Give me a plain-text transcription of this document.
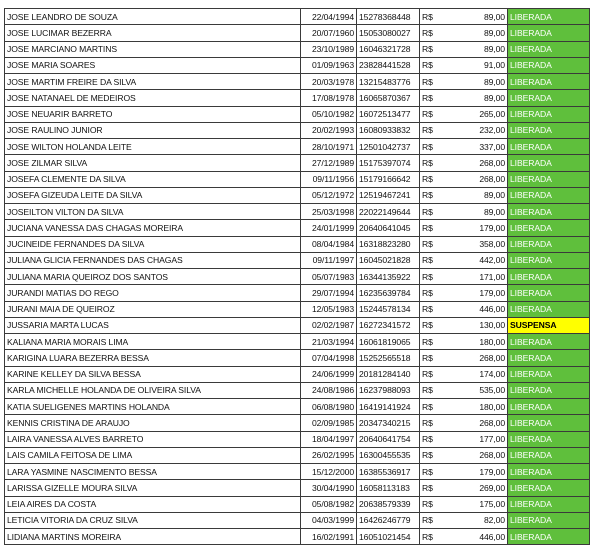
JOSE LEANDRO DE SOUZA	22/04/1994	15278368448	R$	89,00	LIBERADA
JOSE LUCIMAR BEZERRA	20/07/1960	15053080027	R$	89,00	LIBERADA
JOSE MARCIANO MARTINS	23/10/1989	16046321728	R$	89,00	LIBERADA
JOSE MARIA SOARES	01/09/1963	23828441528	R$	91,00	LIBERADA
JOSE MARTIM FREIRE DA SILVA	20/03/1978	13215483776	R$	89,00	LIBERADA
JOSE NATANAEL DE MEDEIROS	17/08/1978	16065870367	R$	89,00	LIBERADA
JOSE NEUARIR BARRETO	05/10/1982	16072513477	R$	265,00	LIBERADA
JOSE RAULINO JUNIOR	20/02/1993	16080933832	R$	232,00	LIBERADA
JOSE WILTON HOLANDA LEITE	28/10/1971	12501042737	R$	337,00	LIBERADA
JOSE ZILMAR SILVA	27/12/1989	15175397074	R$	268,00	LIBERADA
JOSEFA CLEMENTE DA SILVA	09/11/1956	15179166642	R$	268,00	LIBERADA
JOSEFA GIZEUDA LEITE DA SILVA	05/12/1972	12519467241	R$	89,00	LIBERADA
JOSEILTON VILTON DA SILVA	25/03/1998	22022149644	R$	89,00	LIBERADA
JUCIANA VANESSA DAS CHAGAS MOREIRA	24/01/1999	20640641045	R$	179,00	LIBERADA
JUCINEIDE FERNANDES DA SILVA	08/04/1984	16318823280	R$	358,00	LIBERADA
JULIANA GLICIA FERNANDES DAS CHAGAS	09/11/1997	16045021828	R$	442,00	LIBERADA
JULIANA MARIA QUEIROZ DOS SANTOS	05/07/1983	16344135922	R$	171,00	LIBERADA
JURANDI MATIAS DO REGO	29/07/1994	16235639784	R$	179,00	LIBERADA
JURANI MAIA DE QUEIROZ	12/05/1983	15244578134	R$	446,00	LIBERADA
JUSSARIA MARTA LUCAS	02/02/1987	16272341572	R$	130,00	SUSPENSA
KALIANA MARIA MORAIS LIMA	21/03/1994	16061819065	R$	180,00	LIBERADA
KARIGINA LUARA BEZERRA BESSA	07/04/1998	15252565518	R$	268,00	LIBERADA
KARINE KELLEY DA SILVA BESSA	24/06/1999	20181284140	R$	174,00	LIBERADA
KARLA MICHELLE HOLANDA DE OLIVEIRA SILVA	24/08/1986	16237988093	R$	535,00	LIBERADA
KATIA SUELIGENES MARTINS HOLANDA	06/08/1980	16419141924	R$	180,00	LIBERADA
KENNIS CRISTINA DE ARAUJO	02/09/1985	20347340215	R$	268,00	LIBERADA
LAIRA VANESSA ALVES BARRETO	18/04/1997	20640641754	R$	177,00	LIBERADA
LAIS CAMILA FEITOSA DE LIMA	26/02/1995	16300455535	R$	268,00	LIBERADA
LARA YASMINE NASCIMENTO BESSA	15/12/2000	16385536917	R$	179,00	LIBERADA
LARISSA GIZELLE MOURA SILVA	30/04/1990	16058113183	R$	269,00	LIBERADA
LEIA AIRES DA COSTA	05/08/1982	20638579339	R$	175,00	LIBERADA
LETICIA VITORIA DA CRUZ SILVA	04/03/1999	16426246779	R$	82,00	LIBERADA
LIDIANA MARTINS MOREIRA	16/02/1991	16051021454	R$	446,00	LIBERADA
